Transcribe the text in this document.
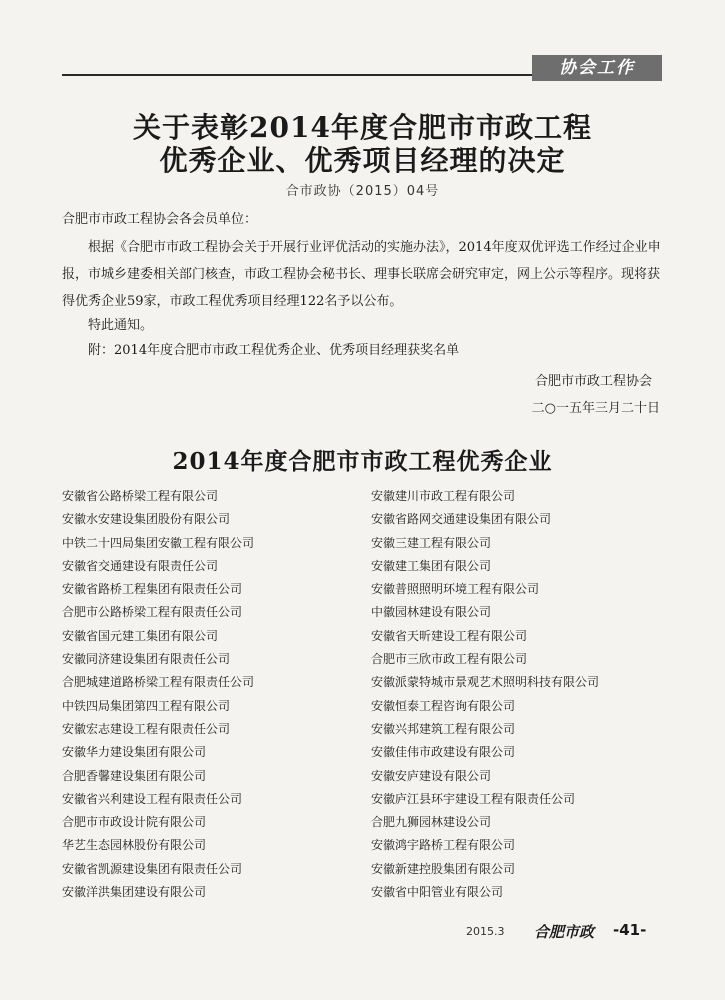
协会工作
关于表彰2014年度合肥市市政工程
优秀企业、优秀项目经理的决定
合市政协（2015）04号
合肥市市政工程协会各会员单位：
根据《合肥市市政工程协会关于开展行业评优活动的实施办法》，2014年度双优评选工作经过企业申报，市城乡建委相关部门核查，市政工程协会秘书长、理事长联席会研究审定，网上公示等程序。现将获得优秀企业59家，市政工程优秀项目经理122名予以公布。
特此通知。
附：2014年度合肥市市政工程优秀企业、优秀项目经理获奖名单
合肥市市政工程协会
二○一五年三月二十日
2014年度合肥市市政工程优秀企业
安徽省公路桥梁工程有限公司
安徽水安建设集团股份有限公司
中铁二十四局集团安徽工程有限公司
安徽省交通建设有限责任公司
安徽省路桥工程集团有限责任公司
合肥市公路桥梁工程有限责任公司
安徽省国元建工集团有限公司
安徽同济建设集团有限责任公司
合肥城建道路桥梁工程有限责任公司
中铁四局集团第四工程有限公司
安徽宏志建设工程有限责任公司
安徽华力建设集团有限公司
合肥香馨建设集团有限公司
安徽省兴利建设工程有限责任公司
合肥市市政设计院有限公司
华艺生态园林股份有限公司
安徽省凯源建设集团有限责任公司
安徽洋洪集团建设有限公司
安徽建川市政工程有限公司
安徽省路网交通建设集团有限公司
安徽三建工程有限公司
安徽建工集团有限公司
安徽普照照明环境工程有限公司
中徽园林建设有限公司
安徽省天昕建设工程有限公司
合肥市三欣市政工程有限公司
安徽派蒙特城市景观艺术照明科技有限公司
安徽恒泰工程咨询有限公司
安徽兴邦建筑工程有限公司
安徽佳伟市政建设有限公司
安徽安庐建设有限公司
安徽庐江县环宇建设工程有限责任公司
合肥九狮园林建设公司
安徽鸿宇路桥工程有限公司
安徽新建控股集团有限公司
安徽省中阳管业有限公司
2015.3 合肥市政 -41-
